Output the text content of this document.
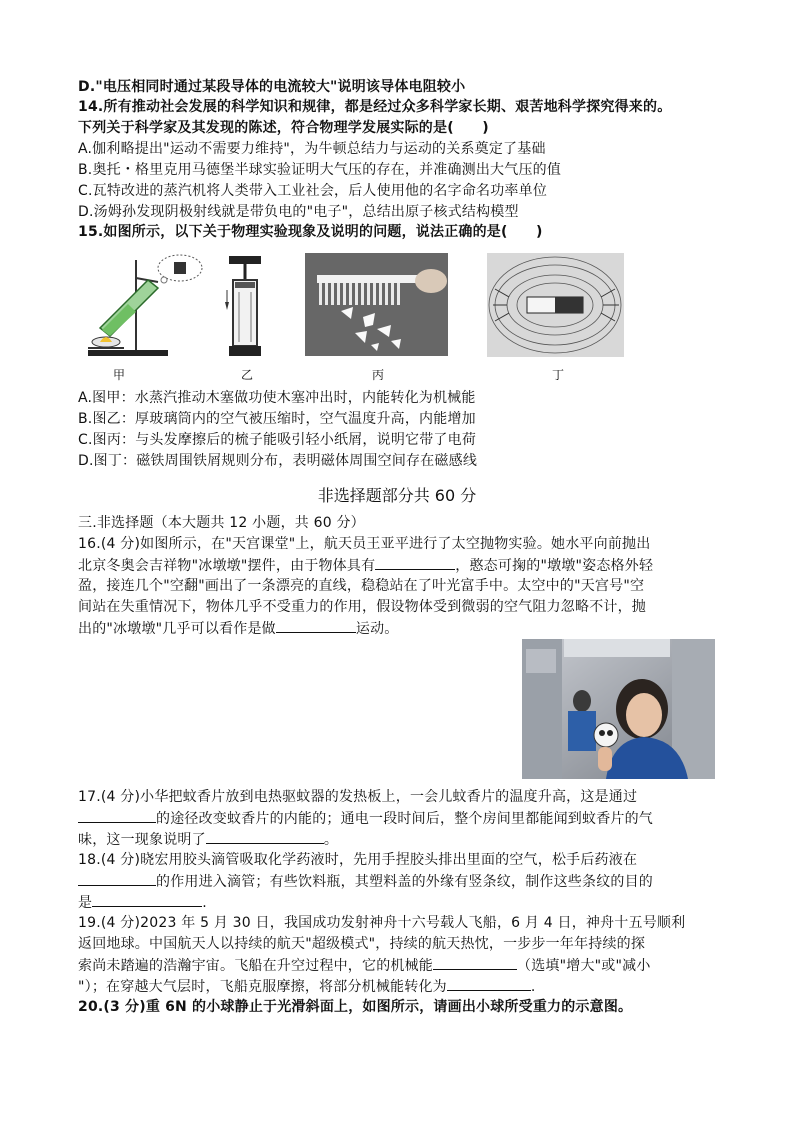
D."电压相同时通过某段导体的电流较大"说明该导体电阻较小
14.所有推动社会发展的科学知识和规律，都是经过众多科学家长期、艰苦地科学探究得来的。
下列关于科学家及其发现的陈述，符合物理学发展实际的是(　　)
A.伽利略提出"运动不需要力维持"，为牛顿总结力与运动的关系奠定了基础
B.奥托・格里克用马德堡半球实验证明大气压的存在，并准确测出大气压的值
C.瓦特改进的蒸汽机将人类带入工业社会，后人使用他的名字命名功率单位
D.汤姆孙发现阴极射线就是带负电的"电子"，总结出原子核式结构模型
15.如图所示，以下关于物理实验现象及说明的问题，说法正确的是(　　)
甲	乙	丙	丁
A.图甲：水蒸汽推动木塞做功使木塞冲出时，内能转化为机械能
B.图乙：厚玻璃筒内的空气被压缩时，空气温度升高，内能增加
C.图丙：与头发摩擦后的梳子能吸引轻小纸屑，说明它带了电荷
D.图丁：磁铁周围铁屑规则分布，表明磁体周围空间存在磁感线
非选择题部分共 60 分
三.非选择题（本大题共 12 小题，共 60 分）
16.(4 分)如图所示，在"天宫课堂"上，航天员王亚平进行了太空抛物实验。她水平向前抛出
北京冬奥会吉祥物"冰墩墩"摆件，由于物体具有	，憨态可掬的"墩墩"姿态格外轻
盈，接连几个"空翻"画出了一条漂亮的直线，稳稳站在了叶光富手中。太空中的"天宫号"空
间站在失重情况下，物体几乎不受重力的作用，假设物体受到微弱的空气阻力忽略不计，抛
出的"冰墩墩"几乎可以看作是做	运动。
17.(4 分)小华把蚊香片放到电热驱蚊器的发热板上，一会儿蚊香片的温度升高，这是通过
的途径改变蚊香片的内能的；通电一段时间后，整个房间里都能闻到蚊香片的气
味，这一现象说明了	。
18.(4 分)晓宏用胶头滴管吸取化学药液时，先用手捏胶头排出里面的空气，松手后药液在
的作用进入滴管；有些饮料瓶，其塑料盖的外缘有竖条纹，制作这些条纹的目的
是	.
19.(4 分)2023 年 5 月 30 日，我国成功发射神舟十六号载人飞船，6 月 4 日，神舟十五号顺利
返回地球。中国航天人以持续的航天"超级模式"，持续的航天热忱，一步步一年年持续的探
索尚未踏遍的浩瀚宇宙。飞船在升空过程中，它的机械能	（选填"增大"或"减小
"）；在穿越大气层时，飞船克服摩擦，将部分机械能转化为	.
20.(3 分)重 6N 的小球静止于光滑斜面上，如图所示，请画出小球所受重力的示意图。
